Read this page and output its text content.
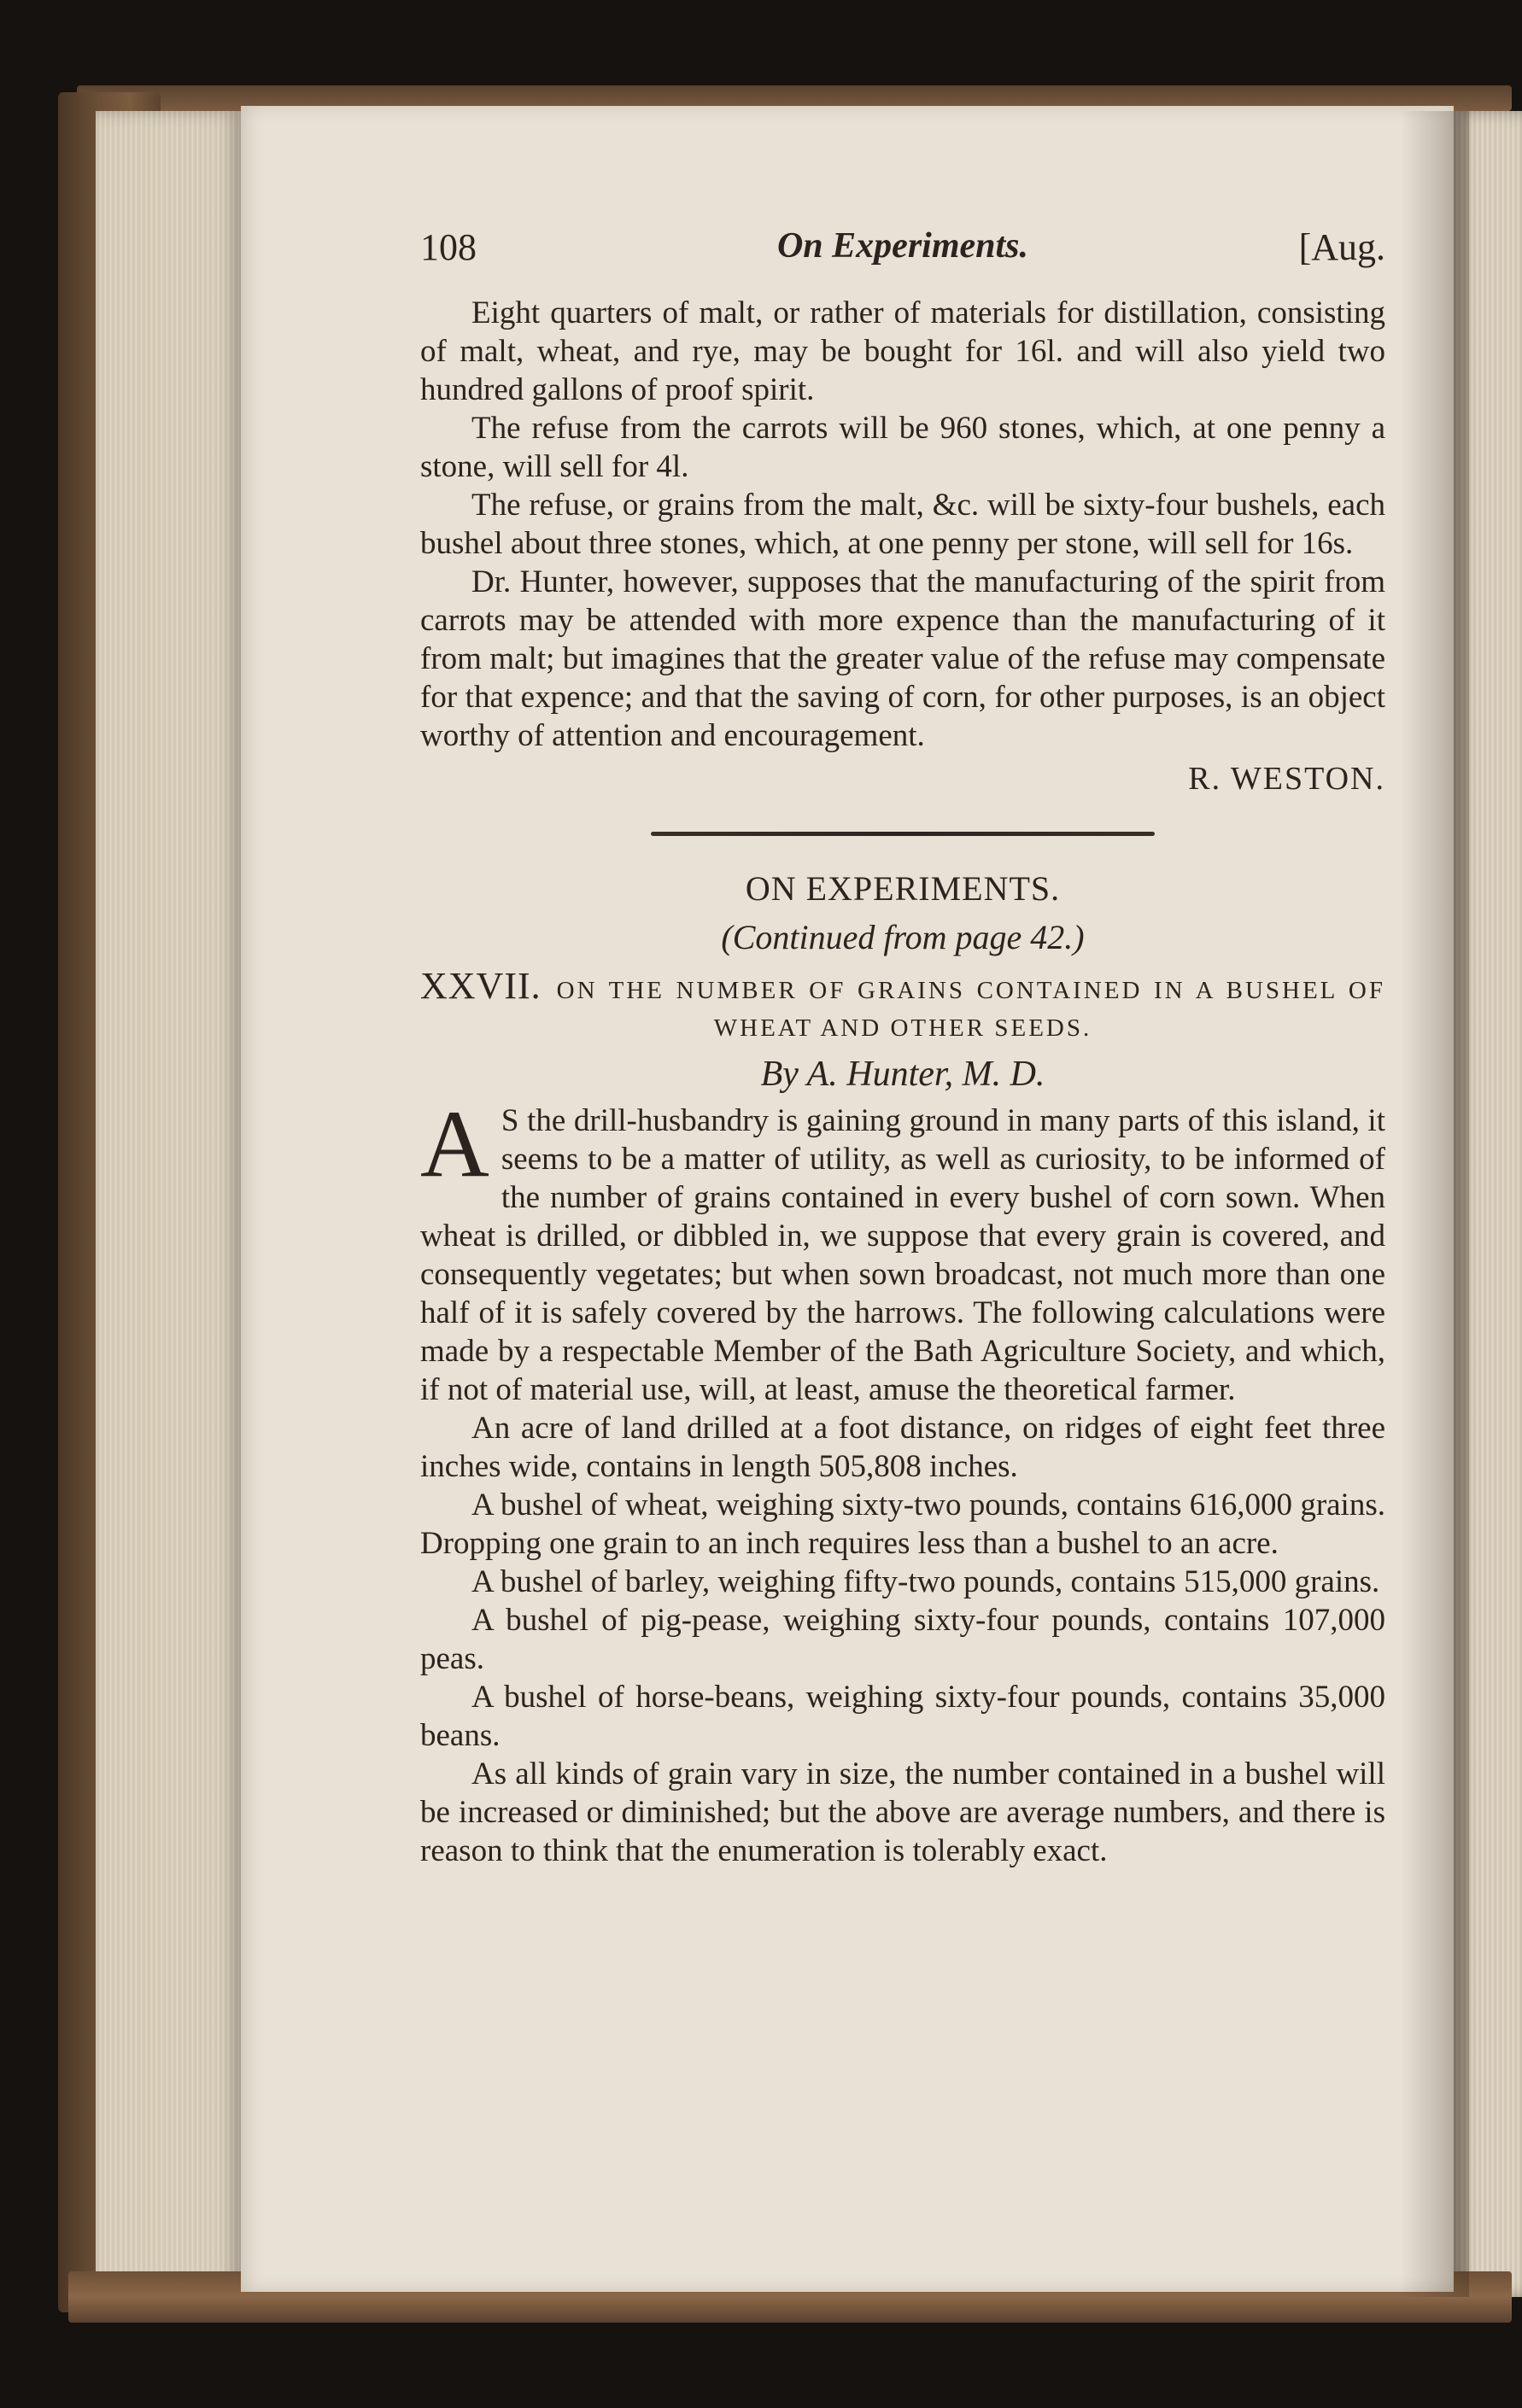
108	On Experiments.	[Aug.

Eight quarters of malt, or rather of materials for distillation, consisting of malt, wheat, and rye, may be bought for 16l. and will also yield two hundred gallons of proof spirit.

The refuse from the carrots will be 960 stones, which, at one penny a stone, will sell for 4l.

The refuse, or grains from the malt, &c. will be sixty-four bushels, each bushel about three stones, which, at one penny per stone, will sell for 16s.

Dr. Hunter, however, supposes that the manufacturing of the spirit from carrots may be attended with more expence than the manufacturing of it from malt; but imagines that the greater value of the refuse may compensate for that expence; and that the saving of corn, for other purposes, is an object worthy of attention and encouragement.

R. WESTON.
ON EXPERIMENTS.
(Continued from page 42.)
XXVII. ON THE NUMBER OF GRAINS CONTAINED IN A BUSHEL OF WHEAT AND OTHER SEEDS.
By A. Hunter, M. D.

A S the drill-husbandry is gaining ground in many parts of this island, it seems to be a matter of utility, as well as curiosity, to be informed of the number of grains contained in every bushel of corn sown. When wheat is drilled, or dibbled in, we suppose that every grain is covered, and consequently vegetates; but when sown broadcast, not much more than one half of it is safely covered by the harrows. The following calculations were made by a respectable Member of the Bath Agriculture Society, and which, if not of material use, will, at least, amuse the theoretical farmer.

An acre of land drilled at a foot distance, on ridges of eight feet three inches wide, contains in length 505,808 inches.

A bushel of wheat, weighing sixty-two pounds, contains 616,000 grains. Dropping one grain to an inch requires less than a bushel to an acre.

A bushel of barley, weighing fifty-two pounds, contains 515,000 grains.

A bushel of pig-pease, weighing sixty-four pounds, contains 107,000 peas.

A bushel of horse-beans, weighing sixty-four pounds, contains 35,000 beans.

As all kinds of grain vary in size, the number contained in a bushel will be increased or diminished; but the above are average numbers, and there is reason to think that the enumeration is tolerably exact.
